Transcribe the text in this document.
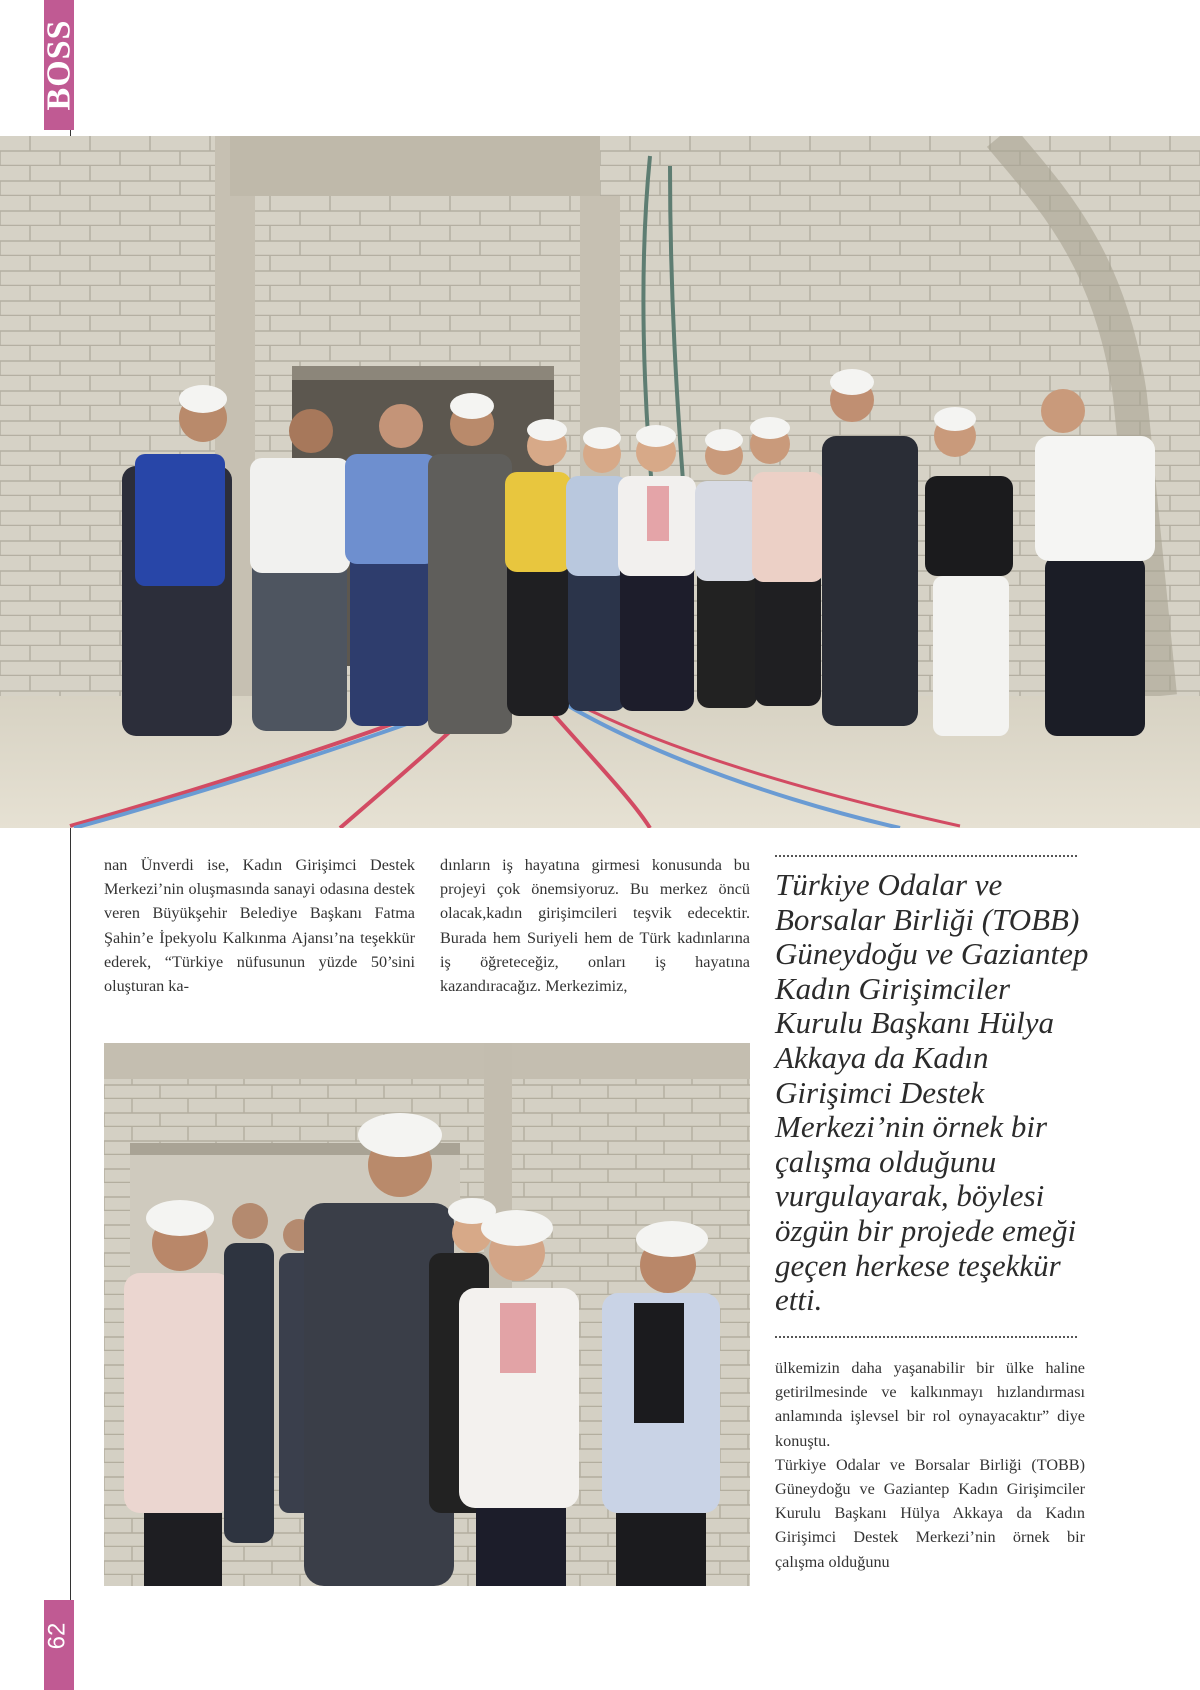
BOSS
62

nan Ünverdi ise, Kadın Girişimci Destek Merkezi’nin oluşmasında sanayi odasına destek veren Büyükşehir Belediye Başkanı Fatma Şahin’e İpekyolu Kalkınma Ajansı’na teşekkür ederek, “Türkiye nüfusunun yüzde 50’sini oluşturan ka-

dınların iş hayatına girmesi konusunda bu projeyi çok önemsiyoruz. Bu merkez öncü olacak,kadın girişimcileri teşvik edecektir. Burada hem Suriyeli hem de Türk kadınlarına iş öğreteceğiz, onları iş hayatına kazandıracağız. Merkezimiz,

Türkiye Odalar ve Borsalar Birliği (TOBB) Güneydoğu ve Gaziantep Kadın Girişimciler Kurulu Başkanı Hülya Akkaya da Kadın Girişimci Destek Merkezi’nin örnek bir çalışma olduğunu vurgulayarak, böylesi özgün bir projede emeği geçen herkese teşekkür etti.

ülkemizin daha yaşanabilir bir ülke haline getirilmesinde ve kalkınmayı hızlandırması anlamında işlevsel bir rol oynayacaktır” diye konuştu.

Türkiye Odalar ve Borsalar Birliği (TOBB) Güneydoğu ve Gaziantep Kadın Girişimciler Kurulu Başkanı Hülya Akkaya da Kadın Girişimci Destek Merkezi’nin örnek bir çalışma olduğunu
